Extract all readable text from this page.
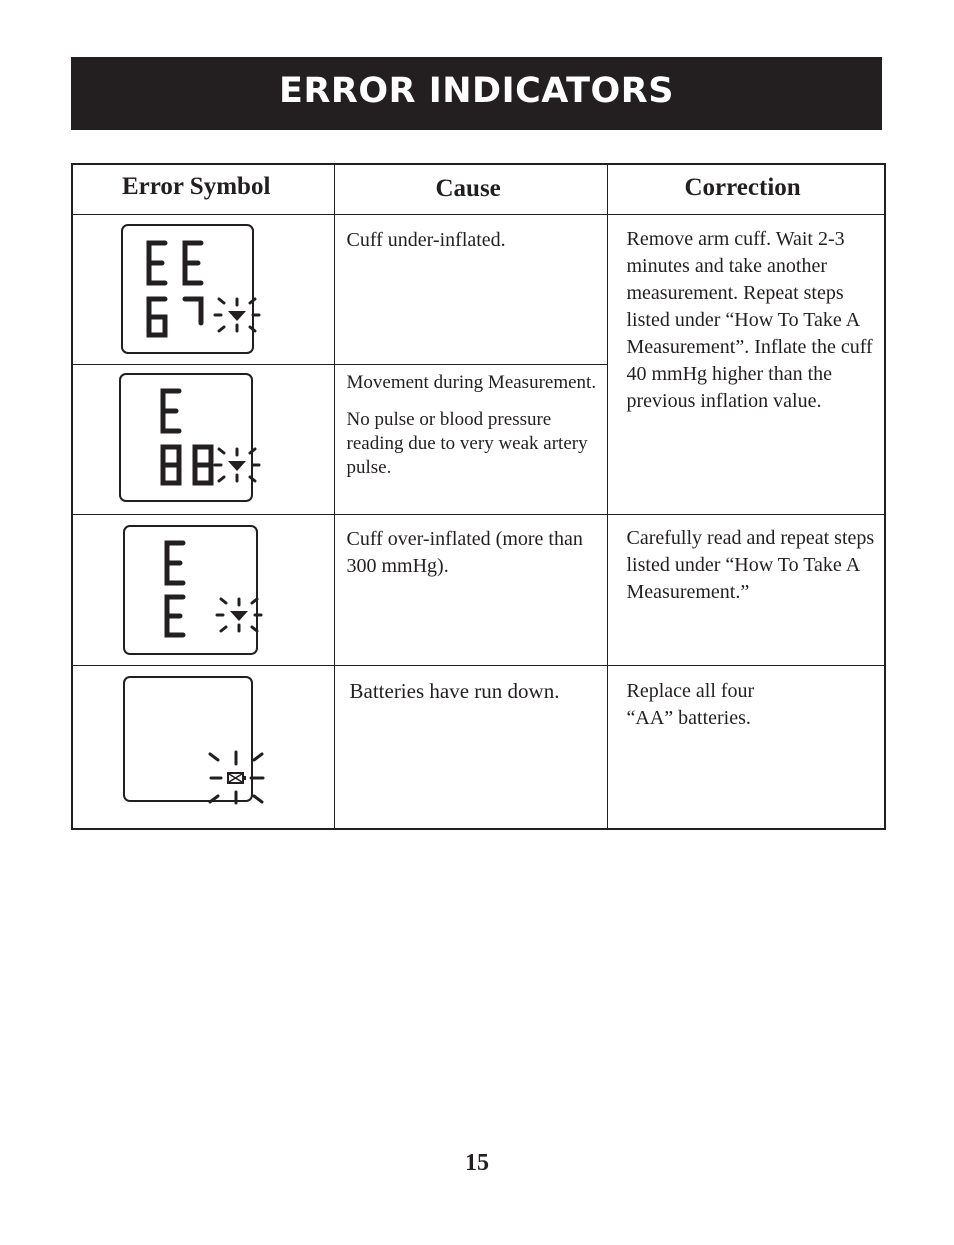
ERROR INDICATORS
Error Symbol	Cause	Correction

Cuff under-inflated.	Remove arm cuff. Wait 2-3 minutes and take another measurement. Repeat steps listed under “How To Take A Measurement”. Inflate the cuff 40 mmHg higher than the previous inflation value.

Movement during Measurement.
No pulse or blood pressure reading due to very weak artery pulse.	

Cuff over-inflated (more than 300 mmHg).	Carefully read and repeat steps listed under “How To Take A Measurement.”

Batteries have run down.	Replace all four “AA” batteries.
15
